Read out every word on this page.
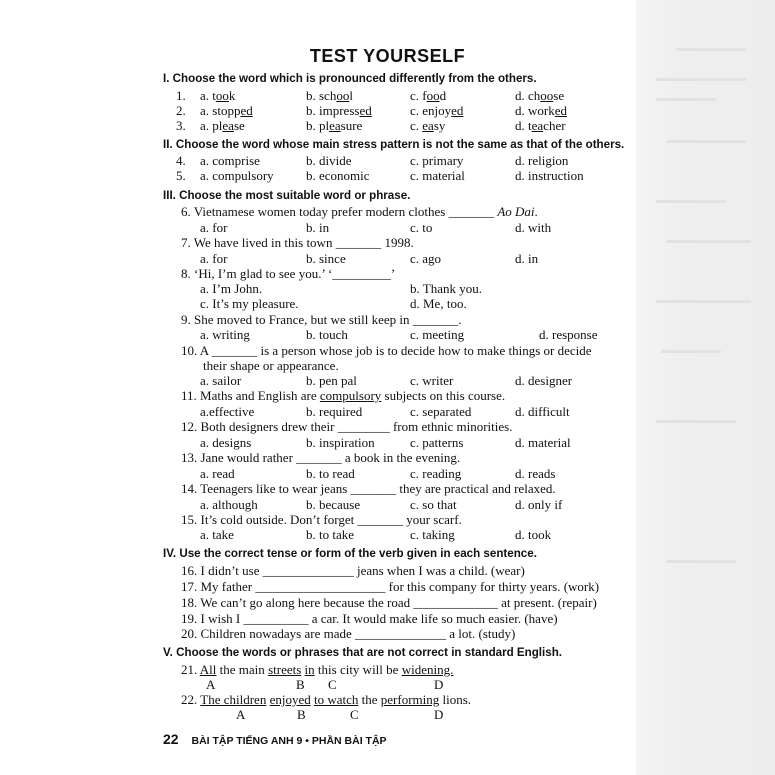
TEST YOURSELF
I. Choose the word which is pronounced differently from the others.
1. a. took	b. school	c. food	d. choose
2. a. stopped	b. impressed	c. enjoyed	d. worked
3. a. please	b. pleasure	c. easy	d. teacher
II. Choose the word whose main stress pattern is not the same as that of the others.
4. a. comprise	b. divide	c. primary	d. religion
5. a. compulsory b. economic	c. material	d. instruction
III. Choose the most suitable word or phrase.
6. Vietnamese women today prefer modern clothes _______ Ao Dai.
a. for	b. in	c. to	d. with
7. We have lived in this town _______ 1998.
a. for	b. since	c. ago	d. in
8. ‘Hi, I’m glad to see you.’ ‘_________’
a. I’m John.	b. Thank you.
c. It’s my pleasure.	d. Me, too.
9. She moved to France, but we still keep in _______.
a. writing	b. touch	c. meeting	d. response
10. A _______ is a person whose job is to decide how to make things or decide
their shape or appearance.
a. sailor	b. pen pal	c. writer	d. designer
11. Maths and English are compulsory subjects on this course.
a.effective	b. required	c. separated	d. difficult
12. Both designers drew their ________ from ethnic minorities.
a. designs	b. inspiration	c. patterns	d. material
13. Jane would rather _______ a book in the evening.
a. read	b. to read	c. reading	d. reads
14. Teenagers like to wear jeans _______ they are practical and relaxed.
a. although	b. because	c. so that	d. only if
15. It’s cold outside. Don’t forget _______ your scarf.
a. take	b. to take	c. taking	d. took
IV. Use the correct tense or form of the verb given in each sentence.
16. I didn’t use ______________ jeans when I was a child. (wear)
17. My father ____________________ for this company for thirty years. (work)
18. We can’t go along here because the road _____________ at present. (repair)
19. I wish I __________ a car. It would make life so much easier. (have)
20. Children nowadays are made ______________ a lot. (study)
V. Choose the words or phrases that are not correct in standard English.
21. All the main streets in this city will be widening.
A	B C	D
22. The children enjoyed to watch the performing lions.
A	B	C	D
22 BÀI TẬP TIẾNG ANH 9 • PHẦN BÀI TẬP
